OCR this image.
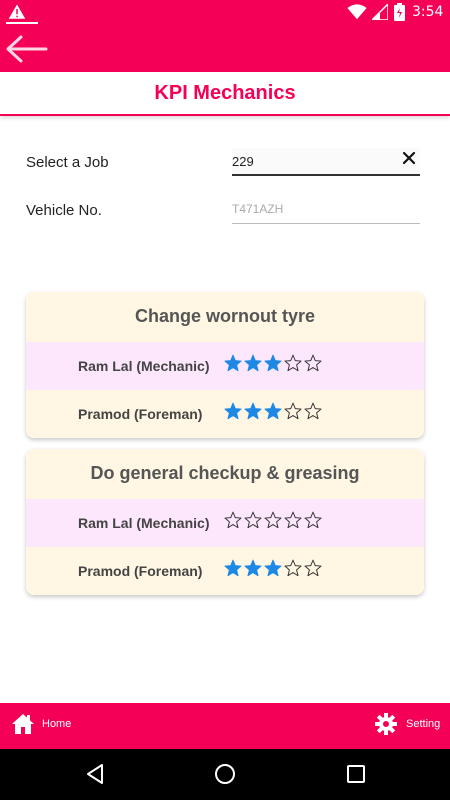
3:54
KPI Mechanics
Select a Job	229
Vehicle No.	T471AZH
Change wornout tyre
Ram Lal (Mechanic)
Pramod (Foreman)
Do general checkup & greasing
Ram Lal (Mechanic)
Pramod (Foreman)
Home	Setting
